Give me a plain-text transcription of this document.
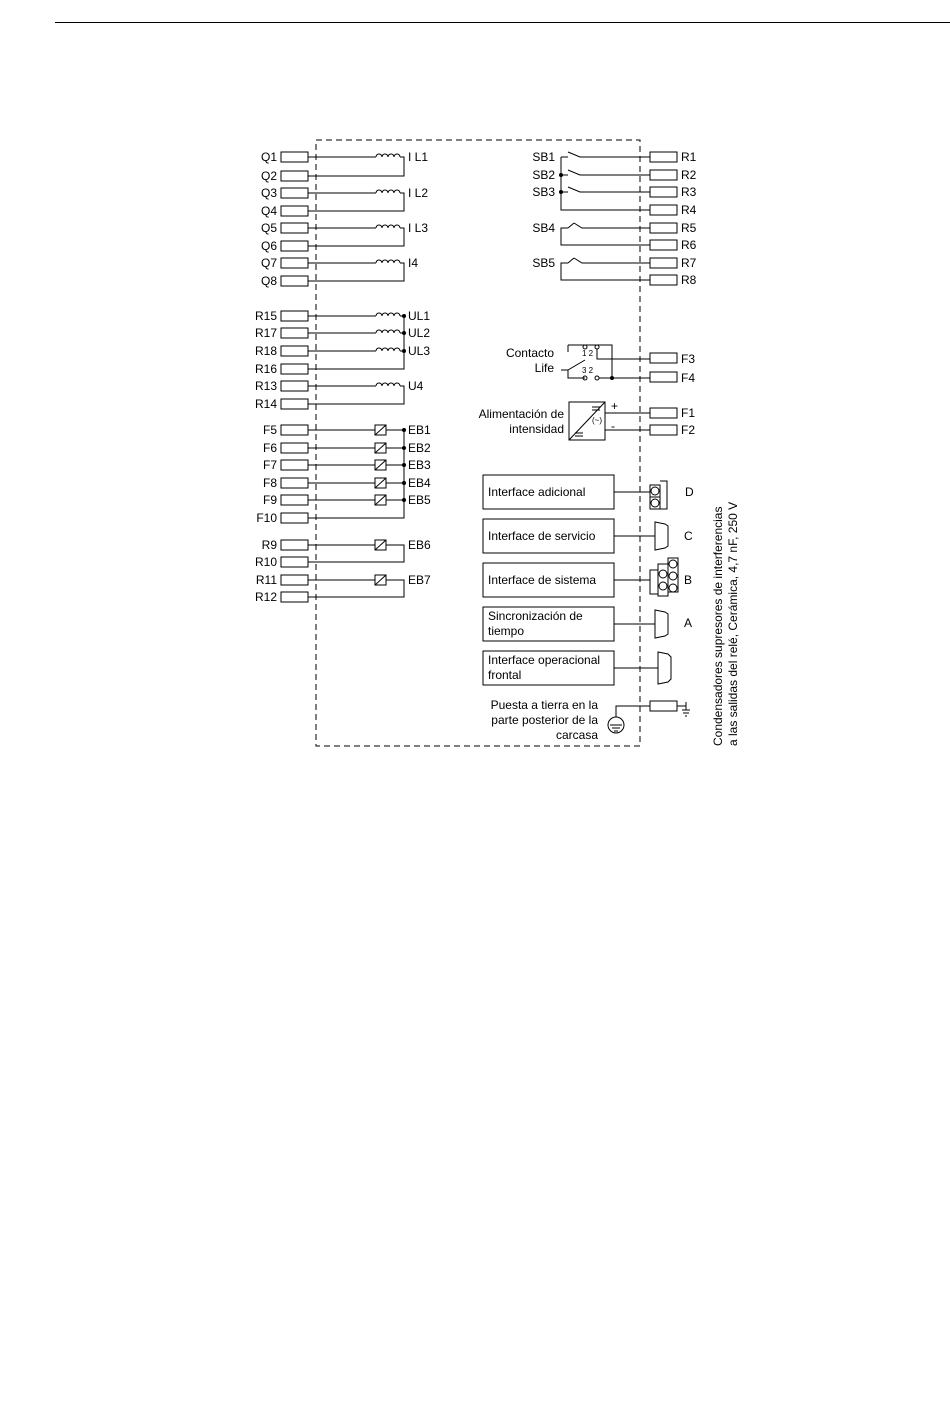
Q1
Q2
Q3
Q4
Q5
Q6
Q7
Q8
I L1
I L2
I L3
I4
R15
R17
R18
R16
R13
R14
UL1
UL2
UL3
U4
F5
F6
F7
F8
F9
F10
EB1
EB2
EB3
EB4
EB5
R9
R10
R11
R12
EB6
EB7
R1
R2
R3
R4
R5
R6
R7
R8
SB1
SB2
SB3
SB4
SB5
Contacto
Life
1 2
3 2
F3
F4
Alimentación de
intensidad
(~)
+
-
F1
F2
Interface adicional	D
Interface de servicio	C
Interface de sistema	B
Sincronización de
tiempo
A
Interface operacional
frontal
Puesta a tierra en la
parte posterior de la
carcasa	Condensadores supresores de interferencias a las salidas del relé, Cerámica, 4,7 nF, 250 V
